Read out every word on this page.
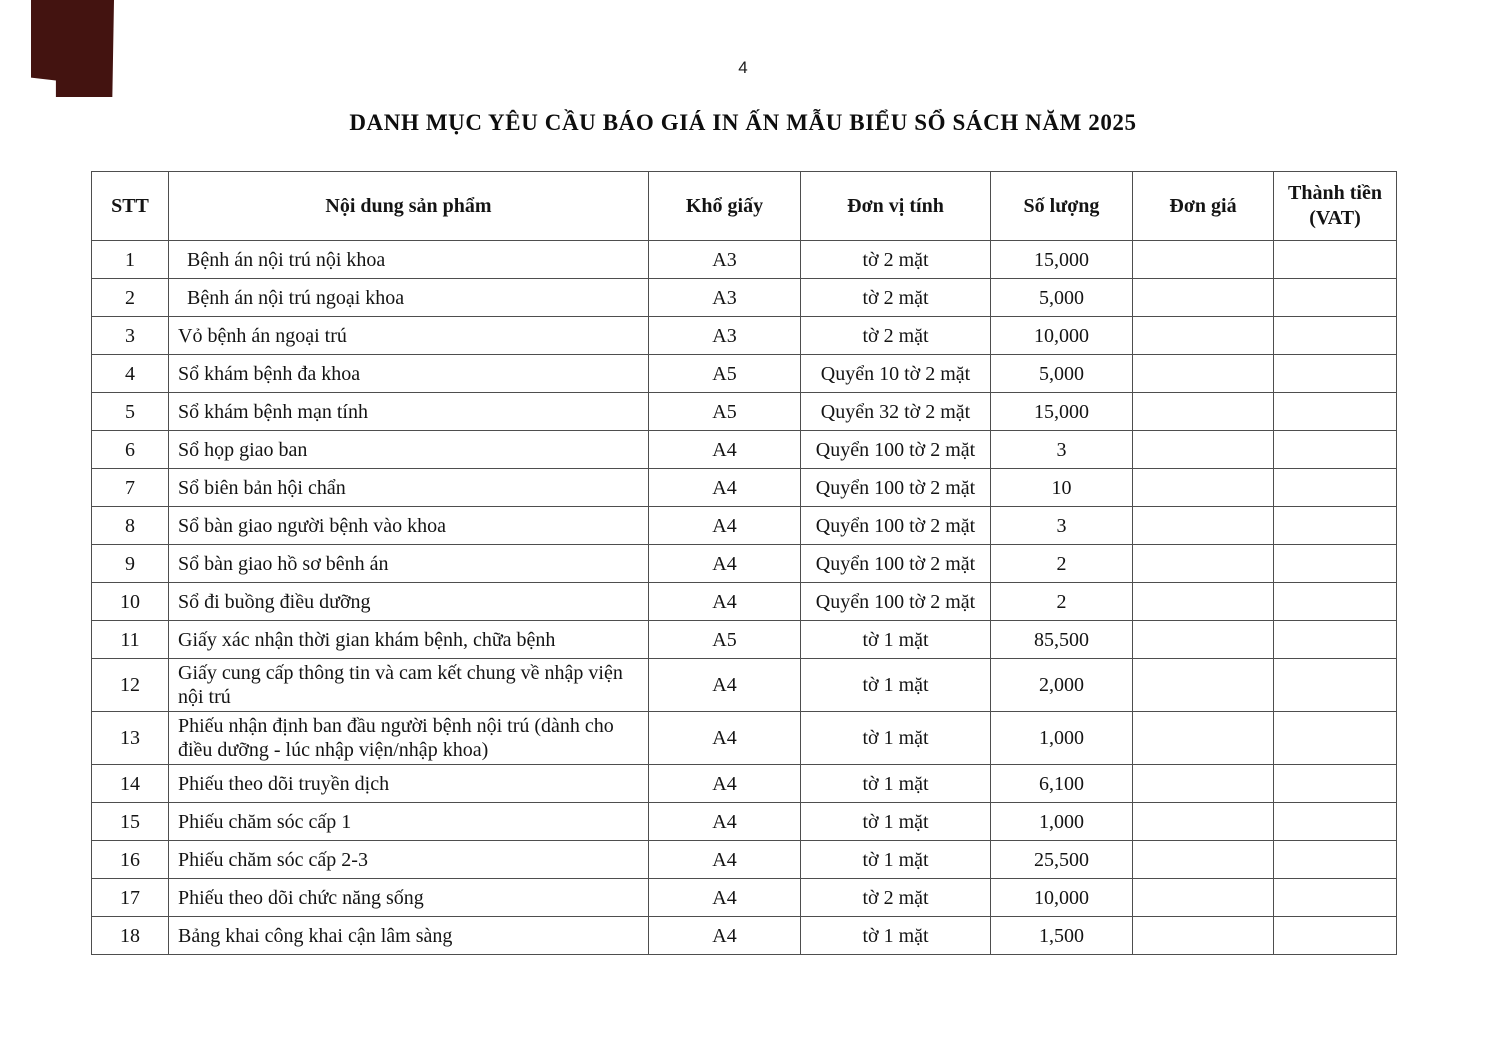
4
DANH MỤC YÊU CẦU BÁO GIÁ IN ẤN MẪU BIỂU SỔ SÁCH NĂM 2025
STT	Nội dung sản phẩm	Khổ giấy	Đơn vị tính	Số lượng	Đơn giá	Thành tiền (VAT)
1	Bệnh án nội trú nội khoa	A3	tờ 2 mặt	15,000		
2	Bệnh án nội trú ngoại khoa	A3	tờ 2 mặt	5,000		
3	Vỏ bệnh án ngoại trú	A3	tờ 2 mặt	10,000		
4	Sổ khám bệnh đa khoa	A5	Quyển 10 tờ 2 mặt	5,000		
5	Sổ khám bệnh mạn tính	A5	Quyển 32 tờ 2 mặt	15,000		
6	Sổ họp giao ban	A4	Quyển 100 tờ 2 mặt	3		
7	Sổ biên bản hội chẩn	A4	Quyển 100 tờ 2 mặt	10		
8	Sổ bàn giao người bệnh vào khoa	A4	Quyển 100 tờ 2 mặt	3		
9	Sổ bàn giao hồ sơ bênh án	A4	Quyển 100 tờ 2 mặt	2		
10	Sổ đi buồng điều dưỡng	A4	Quyển 100 tờ 2 mặt	2		
11	Giấy xác nhận thời gian khám bệnh, chữa bệnh	A5	tờ 1 mặt	85,500		
12	Giấy cung cấp thông tin và cam kết chung về nhập viện nội trú	A4	tờ 1 mặt	2,000		
13	Phiếu nhận định ban đầu người bệnh nội trú (dành cho điều dưỡng - lúc nhập viện/nhập khoa)	A4	tờ 1 mặt	1,000		
14	Phiếu theo dõi truyền dịch	A4	tờ 1 mặt	6,100		
15	Phiếu chăm sóc cấp 1	A4	tờ 1 mặt	1,000		
16	Phiếu chăm sóc cấp 2-3	A4	tờ 1 mặt	25,500		
17	Phiếu theo dõi chức năng sống	A4	tờ 2 mặt	10,000		
18	Bảng khai công khai cận lâm sàng	A4	tờ 1 mặt	1,500		
